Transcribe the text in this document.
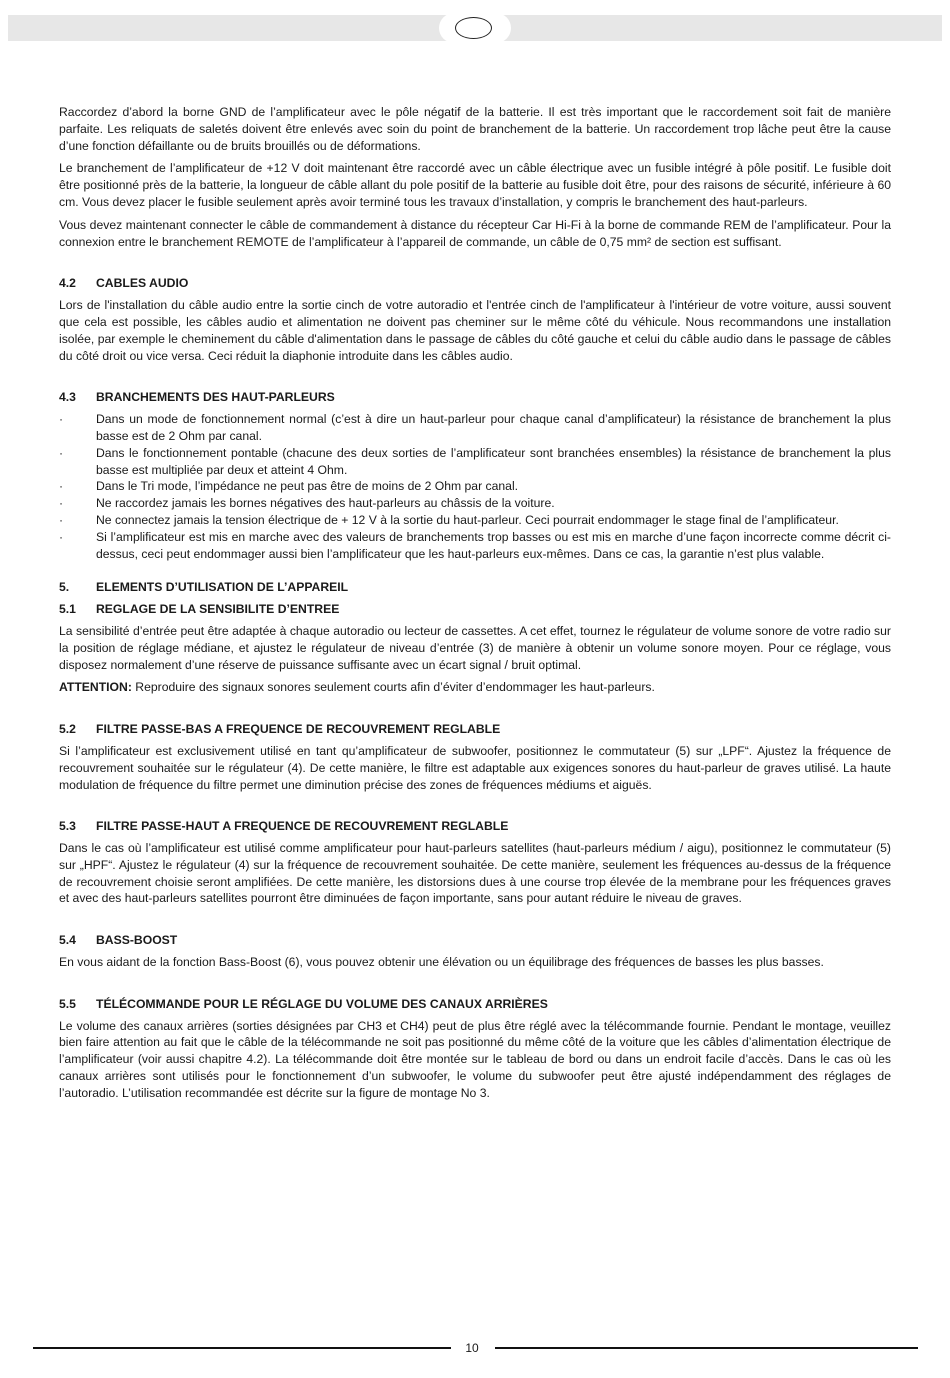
Raccordez d’abord la borne GND de l’amplificateur avec le pôle négatif de la batterie. Il est très important que le raccordement soit fait de manière parfaite. Les reliquats de saletés doivent être enlevés avec soin du point de branchement de la batterie. Un raccordement trop lâche peut être la cause d’une fonction défaillante ou de bruits brouillés ou de déformations.

Le branchement de l’amplificateur de +12 V doit maintenant être raccordé avec un câble électrique avec un fusible intégré à pôle positif. Le fusible doit être positionné près de la batterie, la longueur de câble allant du pole positif de la batterie au fusible doit être, pour des raisons de sécurité, inférieure à 60 cm. Vous devez placer le fusible seulement après avoir terminé tous les travaux d’installation, y compris le branchement des haut-parleurs.

Vous devez maintenant connecter le câble de commandement à distance du récepteur Car Hi-Fi à la borne de commande REM de l’amplificateur. Pour la connexion entre le branchement REMOTE de l’amplificateur à l’appareil de commande, un câble de 0,75 mm² de section est suffisant.

4.2	CABLES AUDIO

Lors de l'installation du câble audio entre la sortie cinch de votre autoradio et l'entrée cinch de l'amplificateur à l'intérieur de votre voiture, aussi souvent que cela est possible, les câbles audio et alimentation ne doivent pas cheminer sur le même côté du véhicule. Nous recommandons une installation isolée, par exemple le cheminement du câble d'alimentation dans le passage de câbles du côté gauche et celui du câble audio dans le passage de câbles du côté droit ou vice versa. Ceci réduit la diaphonie introduite dans les câbles audio.

4.3	BRANCHEMENTS DES HAUT-PARLEURS
·	Dans un mode de fonctionnement normal (c’est à dire un haut-parleur pour chaque canal d’amplificateur) la résistance de branchement la plus basse est de 2 Ohm par canal.
·	Dans le fonctionnement pontable (chacune des deux sorties de l’amplificateur sont branchées ensembles) la résistance de branchement la plus basse est multipliée par deux et atteint 4 Ohm.
·	Dans le Tri mode, l’impédance ne peut pas être de moins de 2 Ohm par canal.
·	Ne raccordez jamais les bornes négatives des haut-parleurs au châssis de la voiture.
·	Ne connectez jamais la tension électrique de + 12 V à la sortie du haut-parleur. Ceci pourrait endommager le stage final de l’amplificateur.
·	Si l’amplificateur est mis en marche avec des valeurs de branchements trop basses ou est mis en marche d’une façon incorrecte comme décrit ci-dessus, ceci peut endommager aussi bien l’amplificateur que les haut-parleurs eux-mêmes. Dans ce cas, la garantie n’est plus valable.
5.	ELEMENTS D’UTILISATION DE L’APPAREIL
5.1	REGLAGE DE LA SENSIBILITE D’ENTREE

La sensibilité d’entrée peut être adaptée à chaque autoradio ou lecteur de cassettes. A cet effet, tournez le régulateur de volume sonore de votre radio sur la position de réglage médiane, et ajustez le régulateur de niveau d’entrée (3) de manière à obtenir un volume sonore moyen. Pour ce réglage, vous disposez normalement d’une réserve de puissance suffisante avec un écart signal / bruit optimal.

ATTENTION: Reproduire des signaux sonores seulement courts afin d’éviter d’endommager les haut-parleurs.

5.2	FILTRE PASSE-BAS A FREQUENCE DE RECOUVREMENT REGLABLE

Si l’amplificateur est exclusivement utilisé en tant qu’amplificateur de subwoofer, positionnez le commutateur (5) sur „LPF“. Ajustez la fréquence de recouvrement souhaitée sur le régulateur (4). De cette manière, le filtre est adaptable aux exigences sonores du haut-parleur de graves utilisé. La haute modulation de fréquence du filtre permet une diminution précise des zones de fréquences médiums et aiguës.

5.3	FILTRE PASSE-HAUT A FREQUENCE DE RECOUVREMENT REGLABLE

Dans le cas où l’amplificateur est utilisé comme amplificateur pour haut-parleurs satellites (haut-parleurs médium / aigu), positionnez le commutateur (5) sur „HPF“. Ajustez le régulateur (4) sur la fréquence de recouvrement souhaitée. De cette manière, seulement les fréquences au-dessus de la fréquence de recouvrement choisie seront amplifiées. De cette manière, les distorsions dues à une course trop élevée de la membrane pour les fréquences graves et avec des haut-parleurs satellites pourront être diminuées de façon importante, sans pour autant réduire le niveau de graves.

5.4	BASS-BOOST

En vous aidant de la fonction Bass-Boost (6), vous pouvez obtenir une élévation ou un équilibrage des fréquences de basses les plus basses.

5.5	TÉLÉCOMMANDE POUR LE RÉGLAGE DU VOLUME DES CANAUX ARRIÈRES

Le volume des canaux arrières (sorties désignées par CH3 et CH4) peut de plus être réglé avec la télécommande fournie. Pendant le montage, veuillez bien faire attention au fait que le câble de la télécommande ne soit pas positionné du même côté de la voiture que les câbles d’alimentation électrique de l’amplificateur (voir aussi chapitre 4.2). La télécommande doit être montée sur le tableau de bord ou dans un endroit facile d’accès. Dans le cas où les canaux arrières sont utilisés pour le fonctionnement d’un subwoofer, le volume du subwoofer peut être ajusté indépendamment des réglages de l’autoradio. L’utilisation recommandée est décrite sur la figure de montage No 3.

10
